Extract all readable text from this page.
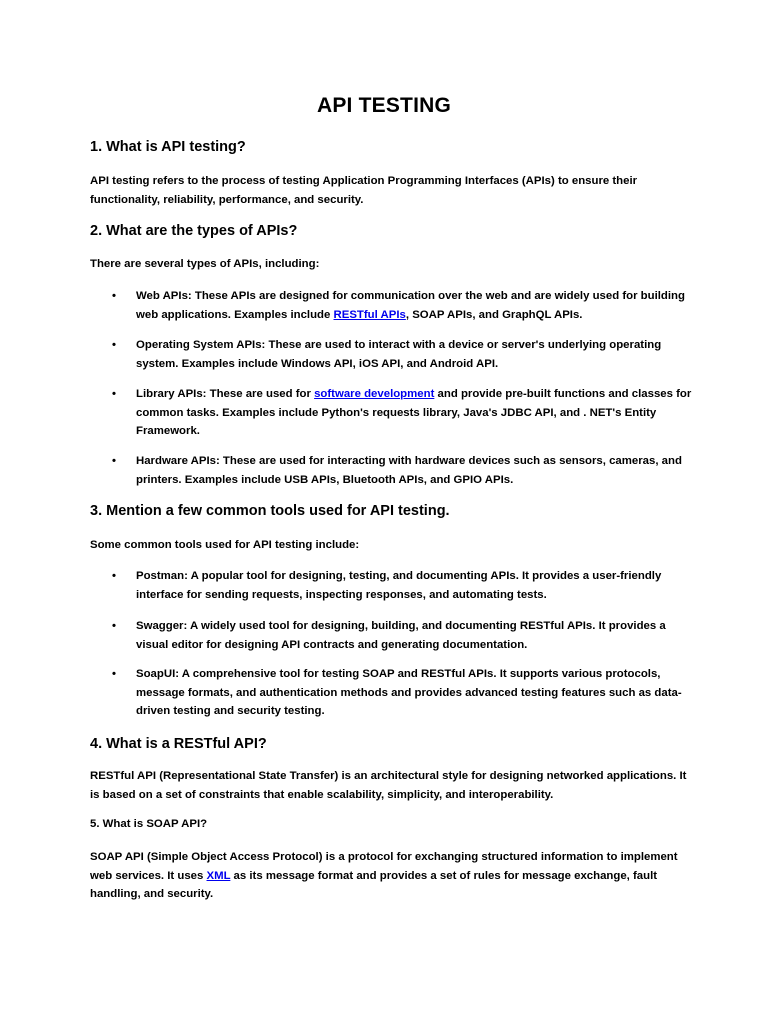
API TESTING
1. What is API testing?
API testing refers to the process of testing Application Programming Interfaces (APIs) to ensure their functionality, reliability, performance, and security.
2. What are the types of APIs?
There are several types of APIs, including:
• Web APIs: These APIs are designed for communication over the web and are widely used for building web applications. Examples include RESTful APIs, SOAP APIs, and GraphQL APIs.
• Operating System APIs: These are used to interact with a device or server's underlying operating system. Examples include Windows API, iOS API, and Android API.
• Library APIs: These are used for software development and provide pre-built functions and classes for common tasks. Examples include Python's requests library, Java's JDBC API, and . NET's Entity Framework.
• Hardware APIs: These are used for interacting with hardware devices such as sensors, cameras, and printers. Examples include USB APIs, Bluetooth APIs, and GPIO APIs.
3. Mention a few common tools used for API testing.
Some common tools used for API testing include:
• Postman: A popular tool for designing, testing, and documenting APIs. It provides a user-friendly interface for sending requests, inspecting responses, and automating tests.
• Swagger: A widely used tool for designing, building, and documenting RESTful APIs. It provides a visual editor for designing API contracts and generating documentation.
• SoapUI: A comprehensive tool for testing SOAP and RESTful APIs. It supports various protocols, message formats, and authentication methods and provides advanced testing features such as data-driven testing and security testing.
4. What is a RESTful API?
RESTful API (Representational State Transfer) is an architectural style for designing networked applications. It is based on a set of constraints that enable scalability, simplicity, and interoperability.
5. What is SOAP API?
SOAP API (Simple Object Access Protocol) is a protocol for exchanging structured information to implement web services. It uses XML as its message format and provides a set of rules for message exchange, fault handling, and security.
